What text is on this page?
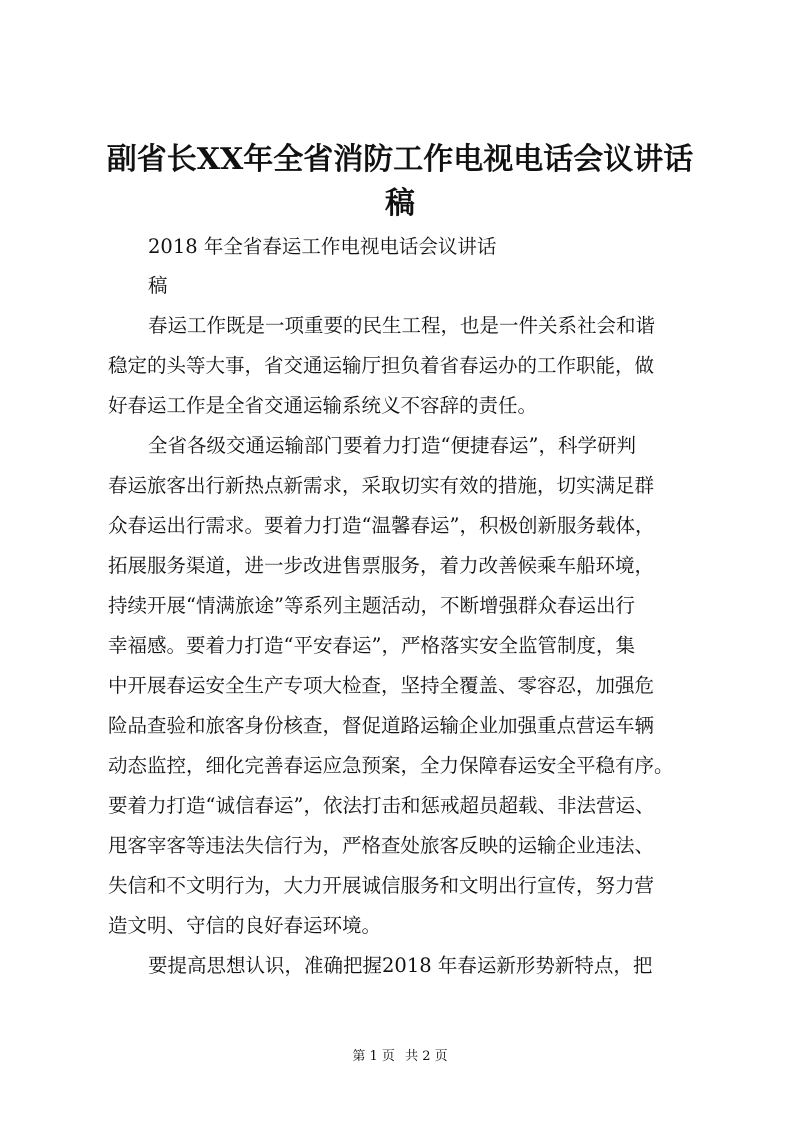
副省长XX年全省消防工作电视电话会议讲话
稿
2018 年全省春运工作电视电话会议讲话
稿
春运工作既是一项重要的民生工程，也是一件关系社会和谐
稳定的头等大事，省交通运输厅担负着省春运办的工作职能，做
好春运工作是全省交通运输系统义不容辞的责任。
全省各级交通运输部门要着力打造“便捷春运”，科学研判
春运旅客出行新热点新需求，采取切实有效的措施，切实满足群
众春运出行需求。要着力打造“温馨春运”，积极创新服务载体，
拓展服务渠道，进一步改进售票服务，着力改善候乘车船环境，
持续开展“情满旅途”等系列主题活动，不断增强群众春运出行
幸福感。要着力打造“平安春运”，严格落实安全监管制度，集
中开展春运安全生产专项大检查，坚持全覆盖、零容忍，加强危
险品查验和旅客身份核查，督促道路运输企业加强重点营运车辆
动态监控，细化完善春运应急预案，全力保障春运安全平稳有序。
要着力打造“诚信春运”，依法打击和惩戒超员超载、非法营运、
甩客宰客等违法失信行为，严格查处旅客反映的运输企业违法、
失信和不文明行为，大力开展诚信服务和文明出行宣传，努力营
造文明、守信的良好春运环境。
要提高思想认识，准确把握2018 年春运新形势新特点，把
第 1 页 共 2 页
